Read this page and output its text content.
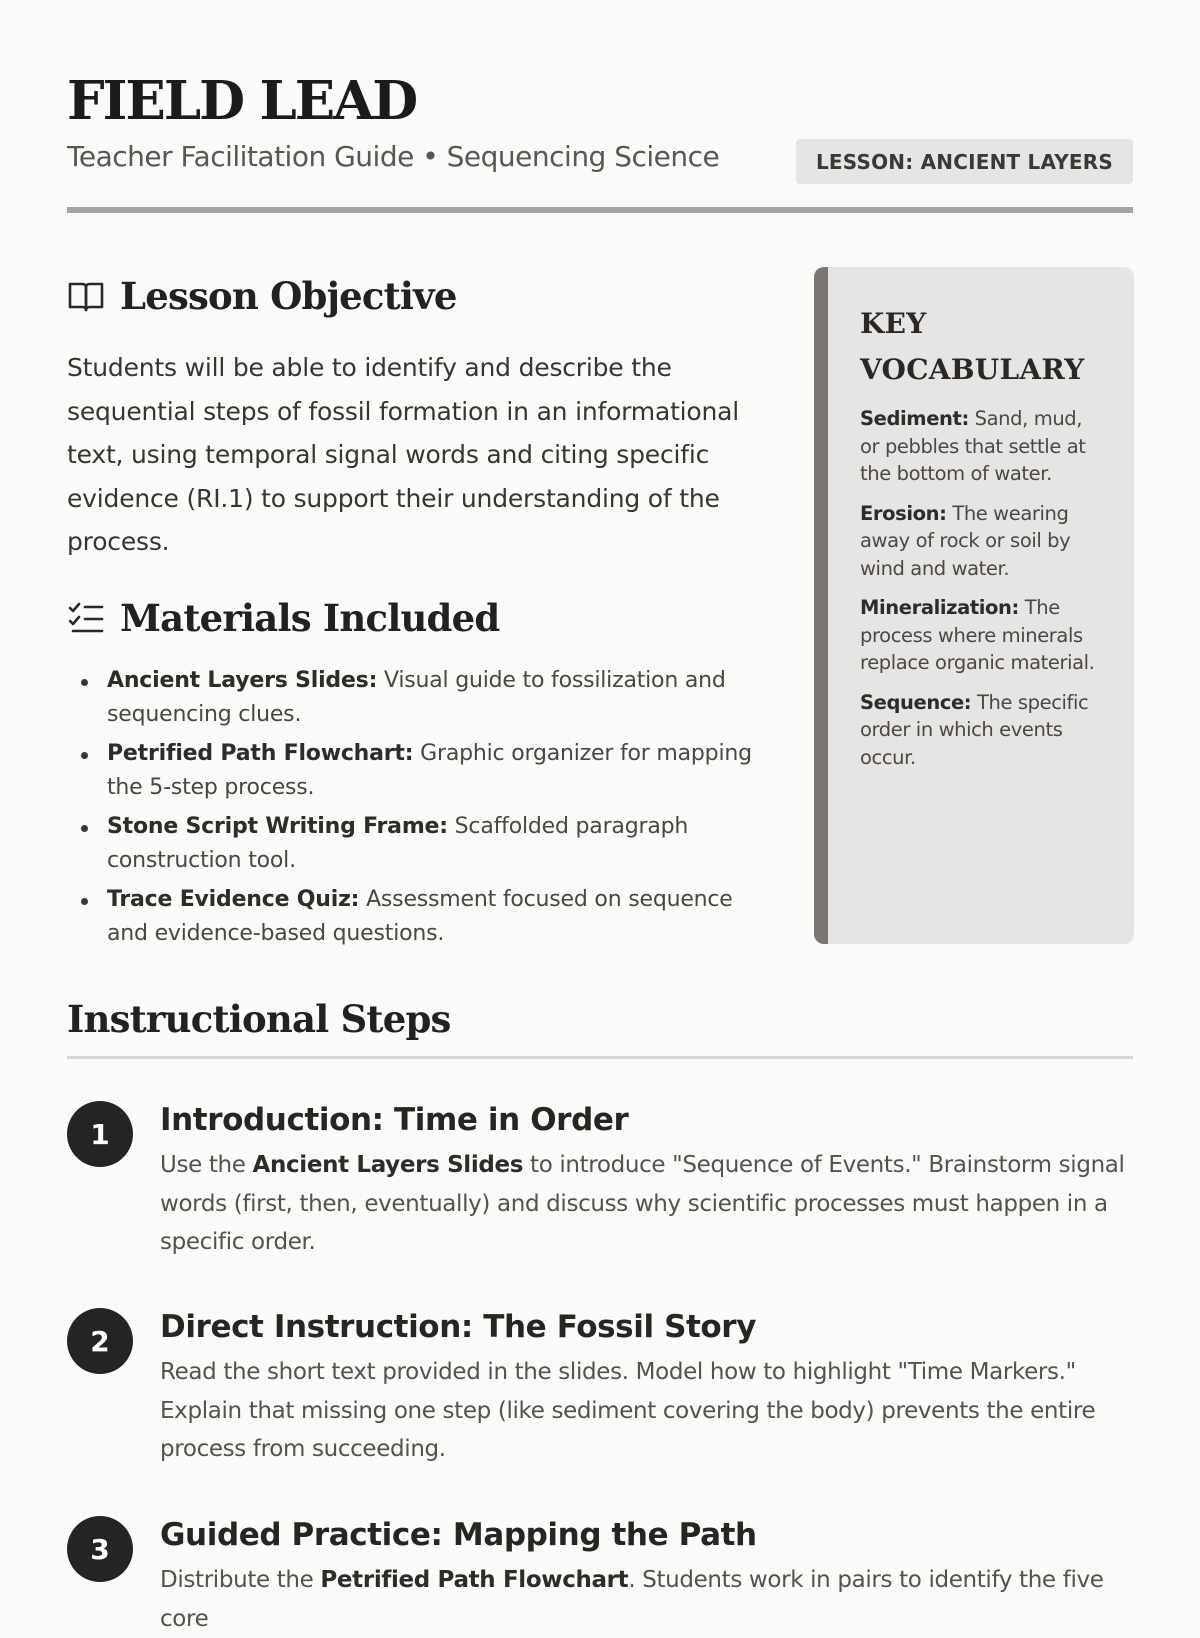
FIELD LEAD
Teacher Facilitation Guide • Sequencing Science	LESSON: ANCIENT LAYERS
Lesson Objective

Students will be able to identify and describe the sequential steps of fossil formation in an informational text, using temporal signal words and citing specific evidence (RI.1) to support their understanding of the process.

Materials Included
Ancient Layers Slides: Visual guide to fossilization and sequencing clues.
Petrified Path Flowchart: Graphic organizer for mapping the 5-step process.
Stone Script Writing Frame: Scaffolded paragraph construction tool.
Trace Evidence Quiz: Assessment focused on sequence and evidence-based questions.
KEY VOCABULARY

Sediment: Sand, mud, or pebbles that settle at the bottom of water.

Erosion: The wearing away of rock or soil by wind and water.

Mineralization: The process where minerals replace organic material.

Sequence: The specific order in which events occur.

Instructional Steps
1	Introduction: Time in Order

Use the Ancient Layers Slides to introduce "Sequence of Events." Brainstorm signal words (first, then, eventually) and discuss why scientific processes must happen in a specific order.

2	Direct Instruction: The Fossil Story

Read the short text provided in the slides. Model how to highlight "Time Markers." Explain that missing one step (like sediment covering the body) prevents the entire process from succeeding.

3	Guided Practice: Mapping the Path

Distribute the Petrified Path Flowchart. Students work in pairs to identify the five core
